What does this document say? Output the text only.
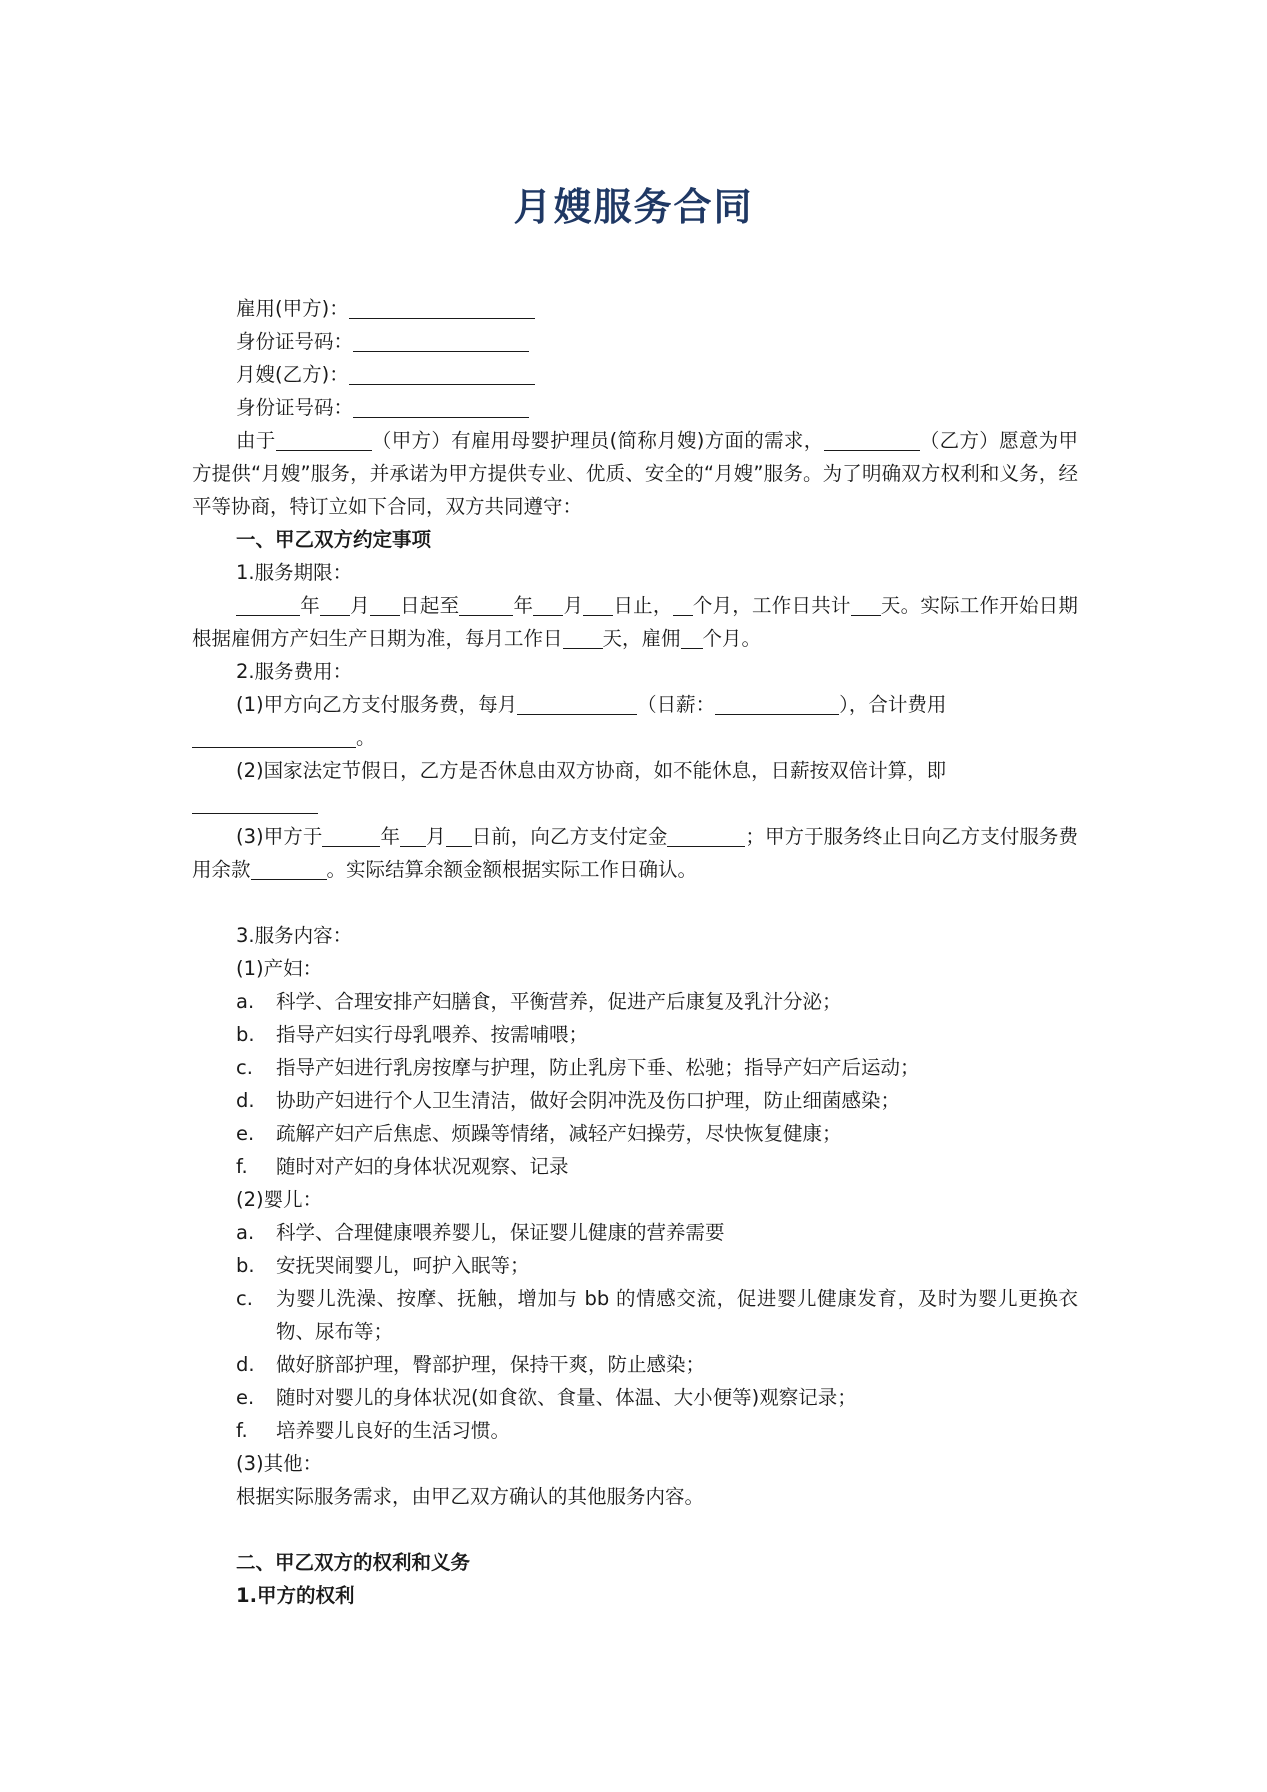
月嫂服务合同

雇用(甲方)：

身份证号码：

月嫂(乙方)：

身份证号码：

由于	（甲方）有雇用母婴护理员(简称月嫂)方面的需求，	（乙方）愿意为甲方提供“月嫂”服务，并承诺为甲方提供专业、优质、安全的“月嫂”服务。为了明确双方权利和义务，经平等协商，特订立如下合同，双方共同遵守：

一、甲乙双方约定事项

1.服务期限：

年 月 日起至	年 月 日止， 个月，工作日共计 天。实际工作开始日期根据雇佣方产妇生产日期为准，每月工作日 天，雇佣 个月。

2.服务费用：

(1)甲方向乙方支付服务费，每月	（日薪：	），合计费用
。

(2)国家法定节假日，乙方是否休息由双方协商，如不能休息，日薪按双倍计算，即

(3)甲方于	年 月 日前，向乙方支付定金	；甲方于服务终止日向乙方支付服务费用余款	。实际结算余额金额根据实际工作日确认。

3.服务内容：

(1)产妇：

a.	科学、合理安排产妇膳食，平衡营养，促进产后康复及乳汁分泌；
b.	指导产妇实行母乳喂养、按需哺喂；
c.	指导产妇进行乳房按摩与护理，防止乳房下垂、松驰；指导产妇产后运动；
d.	协助产妇进行个人卫生清洁，做好会阴冲洗及伤口护理，防止细菌感染；
e.	疏解产妇产后焦虑、烦躁等情绪，减轻产妇操劳，尽快恢复健康；
f.	随时对产妇的身体状况观察、记录

(2)婴儿：

a.	科学、合理健康喂养婴儿，保证婴儿健康的营养需要
b.	安抚哭闹婴儿，呵护入眠等；
c.	为婴儿洗澡、按摩、抚触，增加与 bb 的情感交流，促进婴儿健康发育，及时为婴儿更换衣物、尿布等；
d.	做好脐部护理，臀部护理，保持干爽，防止感染；
e.	随时对婴儿的身体状况(如食欲、食量、体温、大小便等)观察记录；
f.	培养婴儿良好的生活习惯。

(3)其他：

根据实际服务需求，由甲乙双方确认的其他服务内容。

二、甲乙双方的权利和义务

1.甲方的权利
